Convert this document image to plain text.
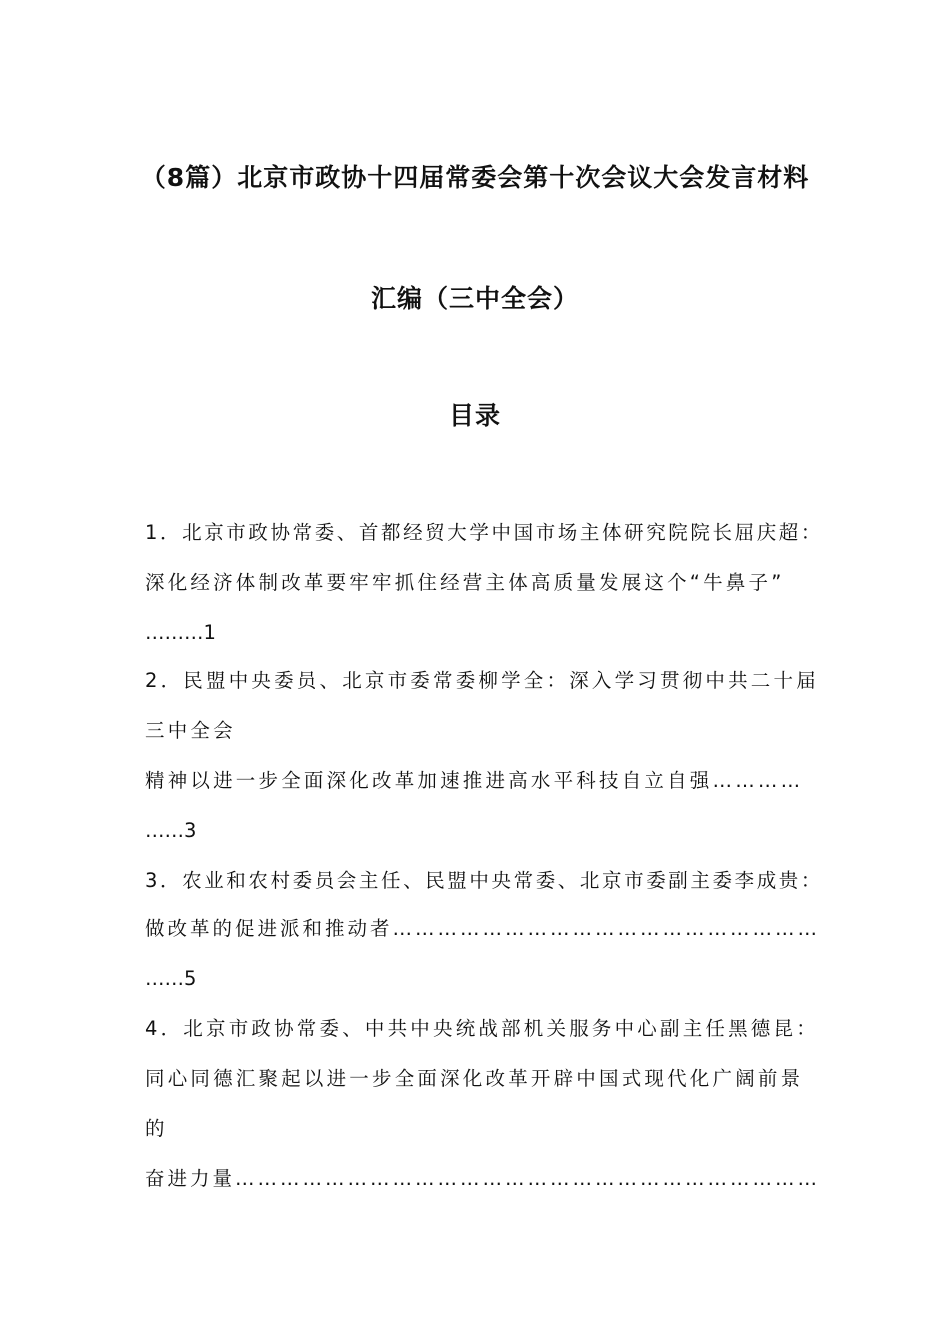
（8篇）北京市政协十四届常委会第十次会议大会发言材料
汇编（三中全会）
目录
1．北京市政协常委、首都经贸大学中国市场主体研究院院长屈庆超：
深化经济体制改革要牢牢抓住经营主体高质量发展这个“牛鼻子”
………1
2．民盟中央委员、北京市委常委柳学全：深入学习贯彻中共二十届
三中全会
精神以进一步全面深化改革加速推进高水平科技自立自强…………
……3
3．农业和农村委员会主任、民盟中央常委、北京市委副主委李成贵：
做改革的促进派和推动者…………………………………………………
……5
4．北京市政协常委、中共中央统战部机关服务中心副主任黑德昆：
同心同德汇聚起以进一步全面深化改革开辟中国式现代化广阔前景
的
奋进力量……………………………………………………………………
